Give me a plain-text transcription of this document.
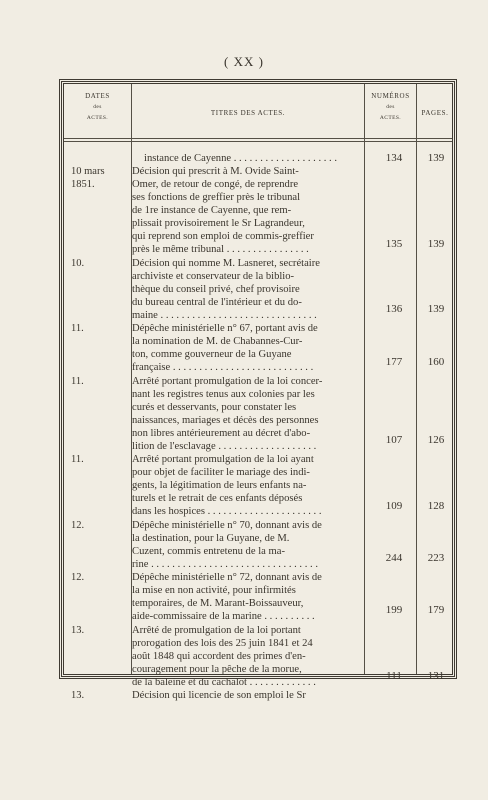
( XX )
DATES
des
ACTES.
TITRES DES ACTES.
NUMÉROS
des
ACTES.
PAGES.
instance de Cayenne . . . . . . . . . . . . . . . . . . . .	134	139
10 mars
1851.
Décision qui prescrit à M. Ovide Saint-
Omer, de retour de congé, de reprendre
ses fonctions de greffier près le tribunal
de 1re instance de Cayenne, que rem-
plissait provisoirement le Sr Lagrandeur,
qui reprend son emploi de commis-greffier
près le même tribunal . . . . . . . . . . . . . . . .	135	139
10.	Décision qui nomme M. Lasneret, secrétaire
archiviste et conservateur de la biblio-
thèque du conseil privé, chef provisoire
du bureau central de l'intérieur et du do-
maine . . . . . . . . . . . . . . . . . . . . . . . . . . . . . .
136	139
11.	Dépêche ministérielle n° 67, portant avis de
la nomination de M. de Chabannes-Cur-
ton, comme gouverneur de la Guyane
française . . . . . . . . . . . . . . . . . . . . . . . . . . .
177	160
11.	Arrêté portant promulgation de la loi concer-
nant les registres tenus aux colonies par les
curés et desservants, pour constater les
naissances, mariages et décès des personnes
non libres antérieurement au décret d'abo-
lition de l'esclavage . . . . . . . . . . . . . . . . . . .	107	126
11.	Arrêté portant promulgation de la loi ayant
pour objet de faciliter le mariage des indi-
gents, la légitimation de leurs enfants na-
turels et le retrait de ces enfants déposés
dans les hospices . . . . . . . . . . . . . . . . . . . . . .
109	128
12.	Dépêche ministérielle n° 70, donnant avis de
la destination, pour la Guyane, de M.
Cuzent, commis entretenu de la ma-
rine . . . . . . . . . . . . . . . . . . . . . . . . . . . . . . . .
244	223
12.	Dépêche ministérielle n° 72, donnant avis de
la mise en non activité, pour infirmités
temporaires, de M. Marant-Boissauveur,
aide-commissaire de la marine . . . . . . . . . .
199	179
13.	Arrêté de promulgation de la loi portant
prorogation des lois des 25 juin 1841 et 24
août 1848 qui accordent des primes d'en-
couragement pour la pêche de la morue,
de la baleine et du cachalot . . . . . . . . . . . . .
111	131
13.	Décision qui licencie de son emploi le Sr
